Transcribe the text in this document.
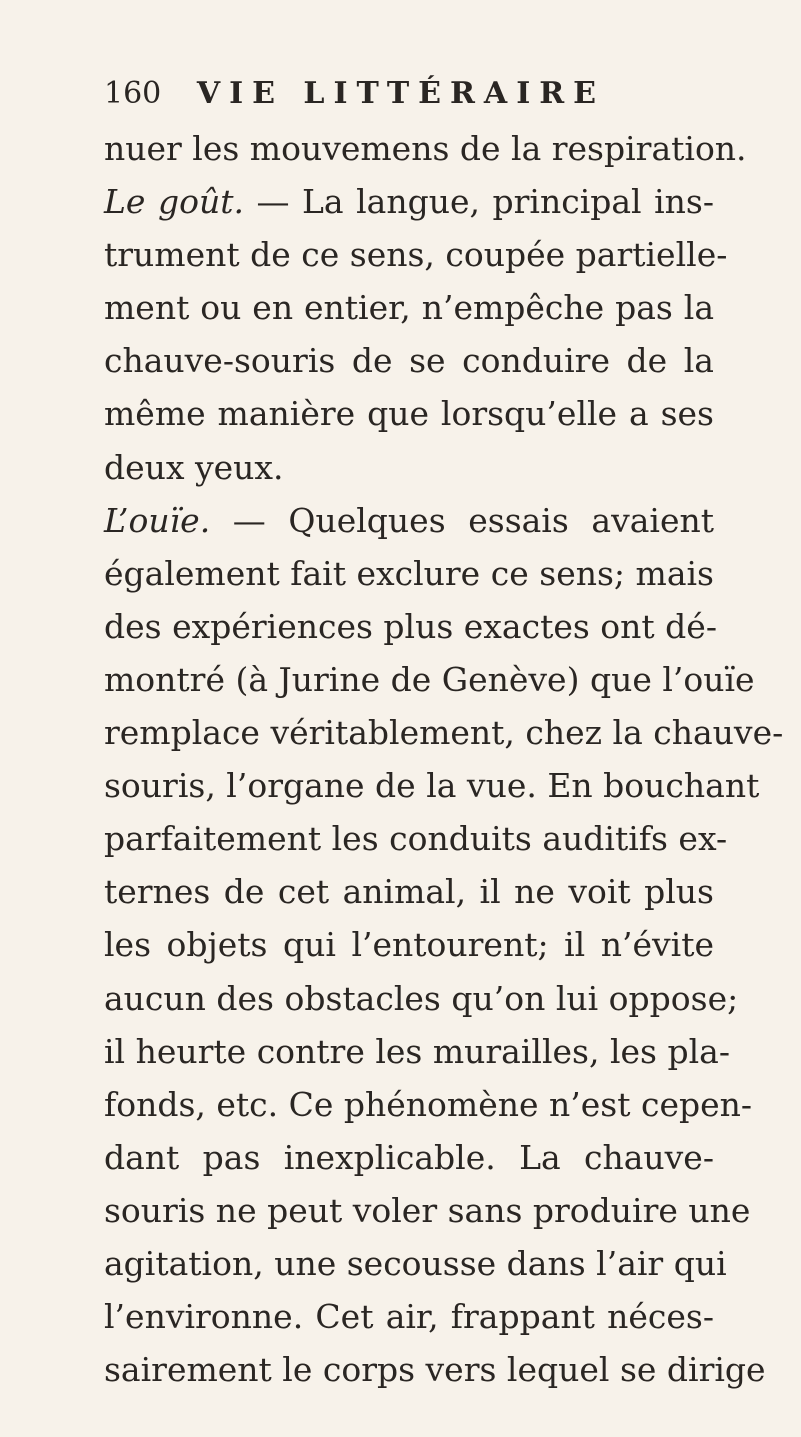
160 VIE LITTÉRAIRE
nuer les mouvemens de la respiration.
Le goût. — La langue, principal ins-
trument de ce sens, coupée partielle-
ment ou en entier, n’empêche pas la
chauve-souris de se conduire de la
même manière que lorsqu’elle a ses
deux yeux.
L’ouïe. — Quelques essais avaient
également fait exclure ce sens; mais
des expériences plus exactes ont dé-
montré (à Jurine de Genève) que l’ouïe
remplace véritablement, chez la chauve-
souris, l’organe de la vue. En bouchant
parfaitement les conduits auditifs ex-
ternes de cet animal, il ne voit plus
les objets qui l’entourent; il n’évite
aucun des obstacles qu’on lui oppose;
il heurte contre les murailles, les pla-
fonds, etc. Ce phénomène n’est cepen-
dant pas inexplicable. La chauve-
souris ne peut voler sans produire une
agitation, une secousse dans l’air qui
l’environne. Cet air, frappant néces-
sairement le corps vers lequel se dirige
